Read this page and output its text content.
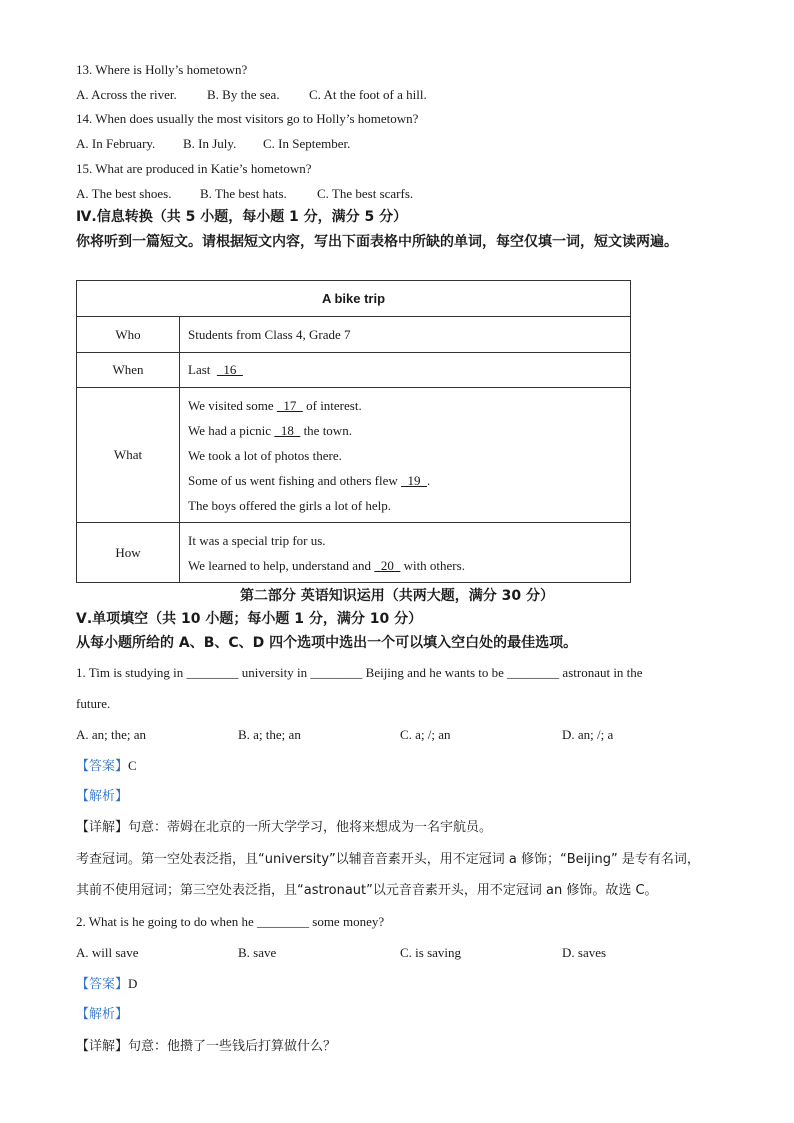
13. Where is Holly’s hometown?
A. Across the river. B. By the sea. C. At the foot of a hill.
14. When does usually the most visitors go to Holly’s hometown?
A. In February. B. In July. C. In September.
15. What are produced in Katie’s hometown?
A. The best shoes. B. The best hats. C. The best scarfs.
Ⅳ.信息转换（共 5 小题，每小题 1 分，满分 5 分）
你将听到一篇短文。请根据短文内容，写出下面表格中所缺的单词，每空仅填一词，短文读两遍。
A bike trip	
Who	Students from Class 4, Grade 7
When	Last    16
What	We visited some   17   of interest.
We had a picnic   18   the town.
We took a lot of photos there.
Some of us went fishing and others flew   19  .
The boys offered the girls a lot of help.

How	It was a special trip for us.
We learned to help, understand and   20   with others.
第二部分 英语知识运用（共两大题，满分 30 分）
Ⅴ.单项填空（共 10 小题；每小题 1 分，满分 10 分）
从每小题所给的 A、B、C、D 四个选项中选出一个可以填入空白处的最佳选项。
1. Tim is studying in ________ university in ________ Beijing and he wants to be ________ astronaut in the
future.
A. an; the; an	B. a; the; an	C. a; /; an	D. an; /; a
【答案】C
【解析】
【详解】句意：蒂姆在北京的一所大学学习，他将来想成为一名宇航员。
考查冠词。第一空处表泛指，且“university”以辅音音素开头，用不定冠词 a 修饰；“Beijing” 是专有名词，
其前不使用冠词；第三空处表泛指，且“astronaut”以元音音素开头，用不定冠词 an 修饰。故选 C。
2. What is he going to do when he ________ some money?
A. will save	B. save	C. is saving	D. saves
【答案】D
【解析】
【详解】句意：他攒了一些钱后打算做什么？
